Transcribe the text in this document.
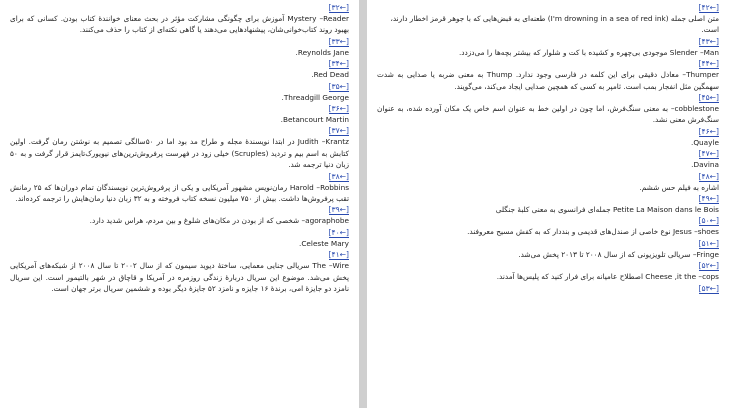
[←۳۲]

Mystery –Reader آموزش برای چگونگی مشارکت مؤثر در بحث معنای خوانندهٔ کتاب بودن. کسانی که برای بهبود روند کتاب‌خوانی‌شان، پیشنهادهایی می‌دهند یا گاهی نکته‌ای از کتاب را حذف می‌کنند.

[←۳۳]

Reynolds Jane.

[←۳۴]

Red Dead.

[←۳۵]

Threadgill George.

[←۳۶]

Betancourt Martin.

[←۳۷]

Judith –Krantz در ابتدا نویسندهٔ مجله و طراح مد بود اما در ۵۰سالگی تصمیم به نوشتن رمان گرفت. اولین کتابش به اسم بیم و تردید (Scruples) خیلی زود در فهرست پرفروش‌ترین‌های نیویورک‌تایمز قرار گرفت و به ۵۰ زبان دنیا ترجمه شد.

[←۳۸]

Harold –Robbins رمان‌نویس مشهور آمریکایی و یکی از پرفروش‌ترین نویسندگان تمام دوران‌ها که ۲۵ رمانش تقب پرفروش‌ها داشت. بیش از ۷۵۰ میلیون نسخه کتاب فروخته و به ۳۲ زبان دنیا رمان‌هایش را ترجمه کرده‌اند.

[←۳۹]

agoraphobe– شخصی که از بودن در مکان‌های شلوغ و بین مردم، هراس شدید دارد.

[←۴۰]

Celeste Mary.

[←۴۱]

The –Wire سریالی جنایی معمایی، ساختهٔ دیوید سیمون که از سال ۲۰۰۲ تا سال ۲۰۰۸ از شبکه‌های آمریکایی پخش می‌شد. موضوع این سریال دربارهٔ زندگی روزمره در آمریکا و قاچاق در شهر بالتیمور است. این سریال نامزد دو جایزهٔ امی، برندهٔ ۱۶ جایزه و نامزد ۵۲ جایزهٔ دیگر بوده و ششمین سریال برتر جهان است.

[←۴۲]

متن اصلی جمله (I'm drowning in a sea of red ink) طعنه‌ای به قبض‌هایی که با جوهر قرمز اخطار دارند، است.

[←۴۳]

Slender –Man موجودی بی‌چهره و کشیده با کت و شلوار که بیشتر بچه‌ها را می‌دزدد.

[←۴۴]

Thumper– معادل دقیقی برای این کلمه در فارسی وجود ندارد. Thump به معنی ضربه یا صدایی به شدت سهمگین مثل انفجار بمب است. ثامپر به کسی که همچین صدایی ایجاد می‌کند، می‌گویند.

[←۴۵]

cobblestone– به معنی سنگ‌فرش، اما چون در اولین خط به عنوان اسم خاص یک مکان آورده شده، به عنوان سنگ‌فرش معنی نشد.

[←۴۶]

Quayle.

[←۴۷]

Davina.

[←۴۸]

اشاره به فیلم حس ششم.

[←۴۹]

Petite La Maison dans le Bois جمله‌ای فرانسوی به معنی کلبهٔ جنگلی

[←۵۰]

Jesus –shoes نوع خاصی از صندل‌های قدیمی و بنددار که به کفش مسیح معروفند.

[←۵۱]

Fringe– سریالی تلویزیونی که از سال ۲۰۰۸ تا ۲۰۱۳ پخش می‌شد.

[←۵۲]

Cheese ,it the –cops اصطلاح عامیانه برای فرار کنید که پلیس‌ها آمدند.

[←۵۳]
